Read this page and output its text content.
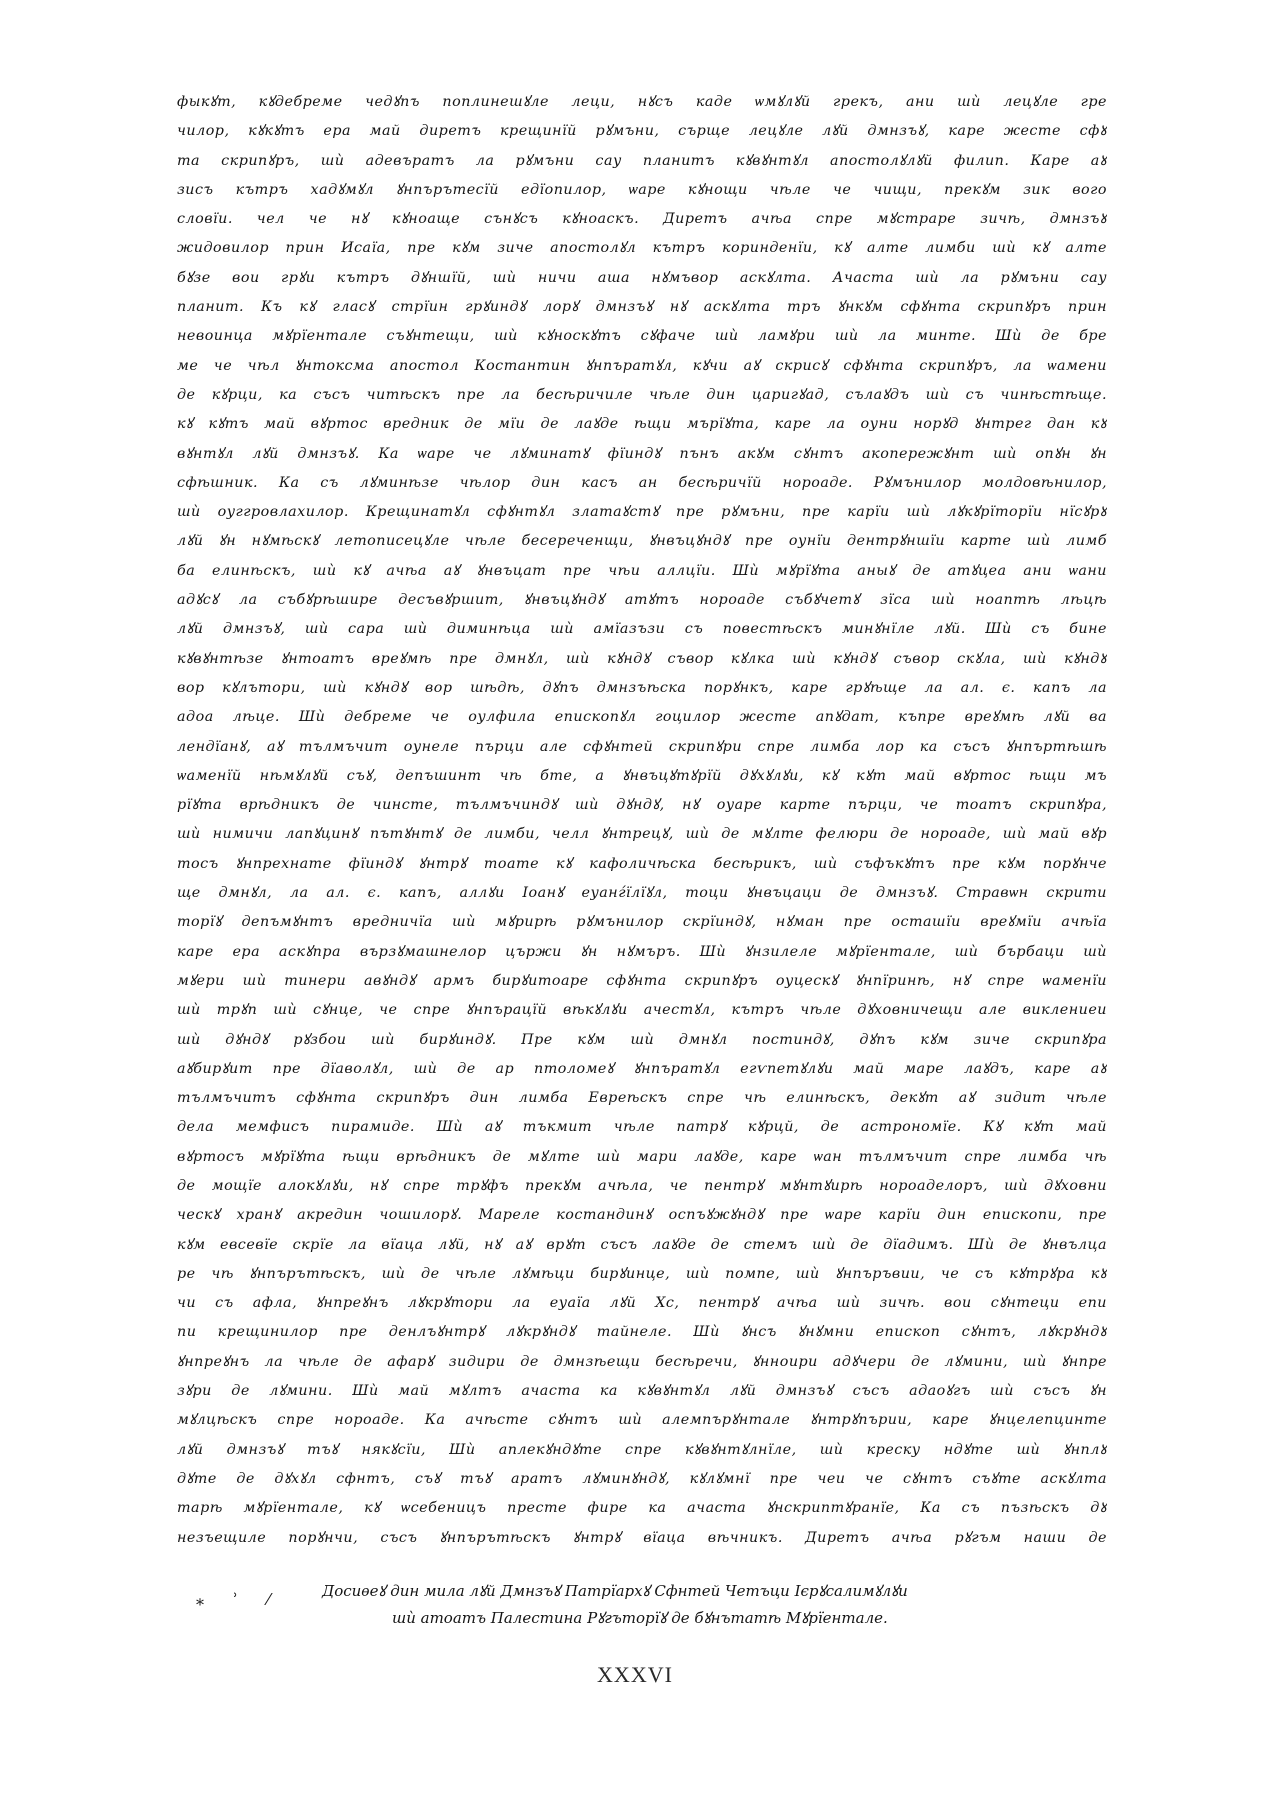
фыкꙋт, кꙋдебреме чедꙋпъ поплинешꙋле леци, нꙋсъ каде ѡмꙋлꙋй грекъ, ани шѝ лецꙋле гре
чилор, кꙋкꙋтъ ера май диретъ крещинїй рꙋмъни, сърще лецꙋле лꙋй дмнзъꙋ, каре жесте сфꙋ
та скрипꙋръ, шѝ адевъратъ ла рꙋмъни сау планитъ кꙋвꙋнтꙋл апостолꙋлꙋй филип. Каре аꙋ
зисъ кътръ хадꙋмꙋл ꙋнпърътесїй едїопилор, ѡаре кꙋнощи чѣле че чищи, прекꙋм зик вого
словїи. чел че нꙋ кꙋноаще сънꙋсъ кꙋноаскъ. Диретъ ачѣа спре мꙋстраре зичѣ, дмнзъꙋ
жидовилор прин Исаїа, пре кꙋм зиче апостолꙋл кътръ коринденїи, кꙋ алте лимби шѝ кꙋ алте
бꙋзе вои грꙋи кътръ дꙋншїй, шѝ ничи аша нꙋмъвор аскꙋлта. Ачаста шѝ ла рꙋмъни сау
планит. Къ кꙋ гласꙋ стрїин грꙋиндꙋ лорꙋ дмнзъꙋ нꙋ аскꙋлта тръ ꙋнкꙋм сфꙋнта скрипꙋръ прин
невоинца мꙋрїентале съꙋнтещи, шѝ кꙋноскꙋтъ сꙋфаче шѝ ламꙋри шѝ ла минте. Шѝ де бре
ме че чѣл ꙋнтоксма апостол Костантин ꙋнпъратꙋл, кꙋчи аꙋ скрисꙋ сфꙋнта скрипꙋръ, ла ѡамени
де кꙋрци, ка съсъ читѣскъ пре ла бесѣричиле чѣле дин царигꙋад, сълаꙋдъ шѝ съ чинѣстѣще.
кꙋ кꙋтъ май вꙋртос вредник де мїи де лаꙋде ѣщи мърїꙋта, каре ла оуни норꙋд ꙋнтрег дан кꙋ
вꙋнтꙋл лꙋй дмнзъꙋ. Ка ѡаре че лꙋминатꙋ фїиндꙋ пънъ акꙋм сꙋнтъ акопережꙋнт шѝ опꙋн ꙋн
сфѣшник. Ка съ лꙋминѣзе чѣлор дин касъ ан бесѣричїй нороаде. Рꙋмънилор молдовѣнилор,
шѝ оуггровлахилор. Крещинатꙋл сфꙋнтꙋл златаꙋстꙋ пре рꙋмъни, пре карїи шѝ лꙋкꙋрїторїи нїсꙋрꙋ
лꙋй ꙋн нꙋмѣскꙋ летописецꙋле чѣле бесереченщи, ꙋнвъцꙋндꙋ пре оунїи дентрꙋншїи карте шѝ лимб
ба елинѣскъ, шѝ кꙋ ачѣа аꙋ ꙋнвъцат пре чѣи аллцїи. Шѝ мꙋрїꙋта аныꙋ де атꙋцеа ани ѡани
адꙋсꙋ ла събꙋрѣшире десъвꙋршит, ꙋнвъцꙋндꙋ атꙋтъ нороаде събꙋчетꙋ зїса шѝ ноаптѣ лѣцѣ
лꙋй дмнзъꙋ, шѝ сара шѝ диминѣца шѝ амїазъзи съ повестѣскъ минꙋнїле лꙋй. Шѝ съ бине
кꙋвꙋнтѣзе ꙋнтоатъ вреꙋмѣ пре дмнꙋл, шѝ кꙋндꙋ съвор кꙋлка шѝ кꙋндꙋ съвор скꙋла, шѝ кꙋндꙋ
вор кꙋлътори, шѝ кꙋндꙋ вор шѣдѣ, дꙋпъ дмнзъѣска порꙋнкъ, каре грꙋѣще ла ал. є. капъ ла
адоа лѣце. Шѝ дебреме че оулфила епископꙋл гоцилор жесте апꙋдат, къпре вреꙋмѣ лꙋй ва
лендїанꙋ, аꙋ тълмъчит оунеле пърци але сфꙋнтей скрипꙋри спре лимба лор ка съсъ ꙋнпъртѣшѣ
ѡаменїй нѣмꙋлꙋй съꙋ, депъшинт чѣ бте, а ꙋнвъцꙋтꙋрїй дꙋхꙋлꙋи, кꙋ кꙋт май вꙋртос ѣщи мъ
рїꙋта врѣдникъ де чинсте, тълмъчиндꙋ шѝ дꙋндꙋ, нꙋ оуаре карте пърци, че тоатъ скрипꙋра,
шѝ нимичи лапꙋцинꙋ пътꙋнтꙋ де лимби, челл ꙋнтрецꙋ, шѝ де мꙋлте фелюри де нороаде, шѝ май вꙋр
тосъ ꙋнпрехнате фїиндꙋ ꙋнтрꙋ тоате кꙋ кафоличѣска бесѣрикъ, шѝ съфъкꙋтъ пре кꙋм порꙋнче
ще дмнꙋл, ла ал. є. капъ, аллꙋи Іоанꙋ еуанѓїлїꙋл, тоци ꙋнвъцаци де дмнзъꙋ. Стравѡн скрити
торїꙋ депъмꙋнтъ вредничїа шѝ мꙋрирѣ рꙋмънилор скрїиндꙋ, нꙋман пре осташїи вреꙋмїи ачѣїа
каре ера аскꙋпра вързꙋмашнелор цържи ꙋн нꙋмъръ. Шѝ ꙋнзилеле мꙋрїентале, шѝ бърбаци шѝ
мꙋери шѝ тинери авꙋндꙋ армъ бирꙋитоаре сфꙋнта скрипꙋръ оуцескꙋ ꙋнпїринѣ, нꙋ спре ѡаменїи
шѝ трꙋп шѝ сꙋнце, че спре ꙋнпърацїй вѣкꙋлꙋи ачестꙋл, кътръ чѣле дꙋховничещи але виклениеи
шѝ дꙋндꙋ рꙋзбои шѝ бирꙋиндꙋ. Пре кꙋм шѝ дмнꙋл постиндꙋ, дꙋпъ кꙋм зиче скрипꙋра
аꙋбирꙋит пре дїаволꙋл, шѝ де ар птоломеꙋ ꙋнпъратꙋл егѵпетꙋлꙋи май маре лаꙋдъ, каре аꙋ
тълмъчитъ сфꙋнта скрипꙋръ дин лимба Евреѣскъ спре чѣ елинѣскъ, декꙋт аꙋ зидит чѣле
дела мемфисъ пирамиде. Шѝ аꙋ тъкмит чѣле патрꙋ кꙋрцй, де астрономїе. Кꙋ кꙋт май
вꙋртосъ мꙋрїꙋта ѣщи врѣдникъ де мꙋлте шѝ мари лаꙋде, каре ѡан тълмъчит спре лимба чѣ
де мощїе алокꙋлꙋи, нꙋ спре трꙋфъ прекꙋм ачѣла, че пентрꙋ мꙋнтꙋирѣ нороаделоръ, шѝ дꙋховни
ческꙋ хранꙋ акредин чошилорꙋ. Мареле костандинꙋ оспъꙋжꙋндꙋ пре ѡаре карїи дин епископи, пре
кꙋм евсевїе скрїе ла вїаца лꙋй, нꙋ аꙋ врꙋт съсъ лаꙋде де стемъ шѝ де дїадимъ. Шѝ де ꙋнвълца
ре чѣ ꙋнпърътѣскъ, шѝ де чѣле лꙋмѣци бирꙋинце, шѝ помпе, шѝ ꙋнпъръвии, че съ кꙋтрꙋра кꙋ
чи съ афла, ꙋнпреꙋнъ лꙋкрꙋтори ла еуаїа лꙋй Хс, пентрꙋ ачѣа шѝ зичѣ. вои сꙋнтеци епи
пи крещинилор пре денлъꙋнтрꙋ лꙋкрꙋндꙋ тайнеле. Шѝ ꙋнсъ ꙋнꙋмни епископ сꙋнтъ, лꙋкрꙋндꙋ
ꙋнпреꙋнъ ла чѣле де афарꙋ зидири де дмнзѣещи бесѣречи, ꙋнноири адꙋчери де лꙋмини, шѝ ꙋнпре
зꙋри де лꙋмини. Шѝ май мꙋлтъ ачаста ка кꙋвꙋнтꙋл лꙋй дмнзъꙋ съсъ адаоꙋгъ шѝ съсъ ꙋн
мꙋлцѣскъ спре нороаде. Ка ачѣсте сꙋнтъ шѝ алемпърꙋнтале ꙋнтрꙋпърии, каре ꙋнцелепцинте
лꙋй дмнзъꙋ тъꙋ някꙋсїи, Шѝ аплекꙋндꙋте спре кꙋвꙋнтꙋлнїле, шѝ креску ндꙋте шѝ ꙋнплꙋ
дꙋте де дꙋхꙋл сфнтъ, съꙋ тъꙋ аратъ лꙋминꙋндꙋ, кꙋлꙋмнї пре чеи че сꙋнтъ съꙋте аскꙋлта
тарѣ мꙋрїентале, кꙋ ѡсебеницъ престе фире ка ачаста ꙋнскриптꙋранїе, Ка съ пъзѣскъ дꙋ
незъещиле порꙋнчи, съсъ ꙋнпърътѣскъ ꙋнтрꙋ вїаца вѣчникъ. Диретъ ачѣа рꙋгъм наши де
⁎ ʾ ⁄	Досиѳеꙋ дин мила лꙋй Дмнзъꙋ Патрїархꙋ Сфнтей Четъци Ієрꙋсалимꙋлꙋи
шѝ атоатъ Палестина Рꙋгъторїꙋ де бꙋнътатѣ Мꙋрїентале.
XXXVI
